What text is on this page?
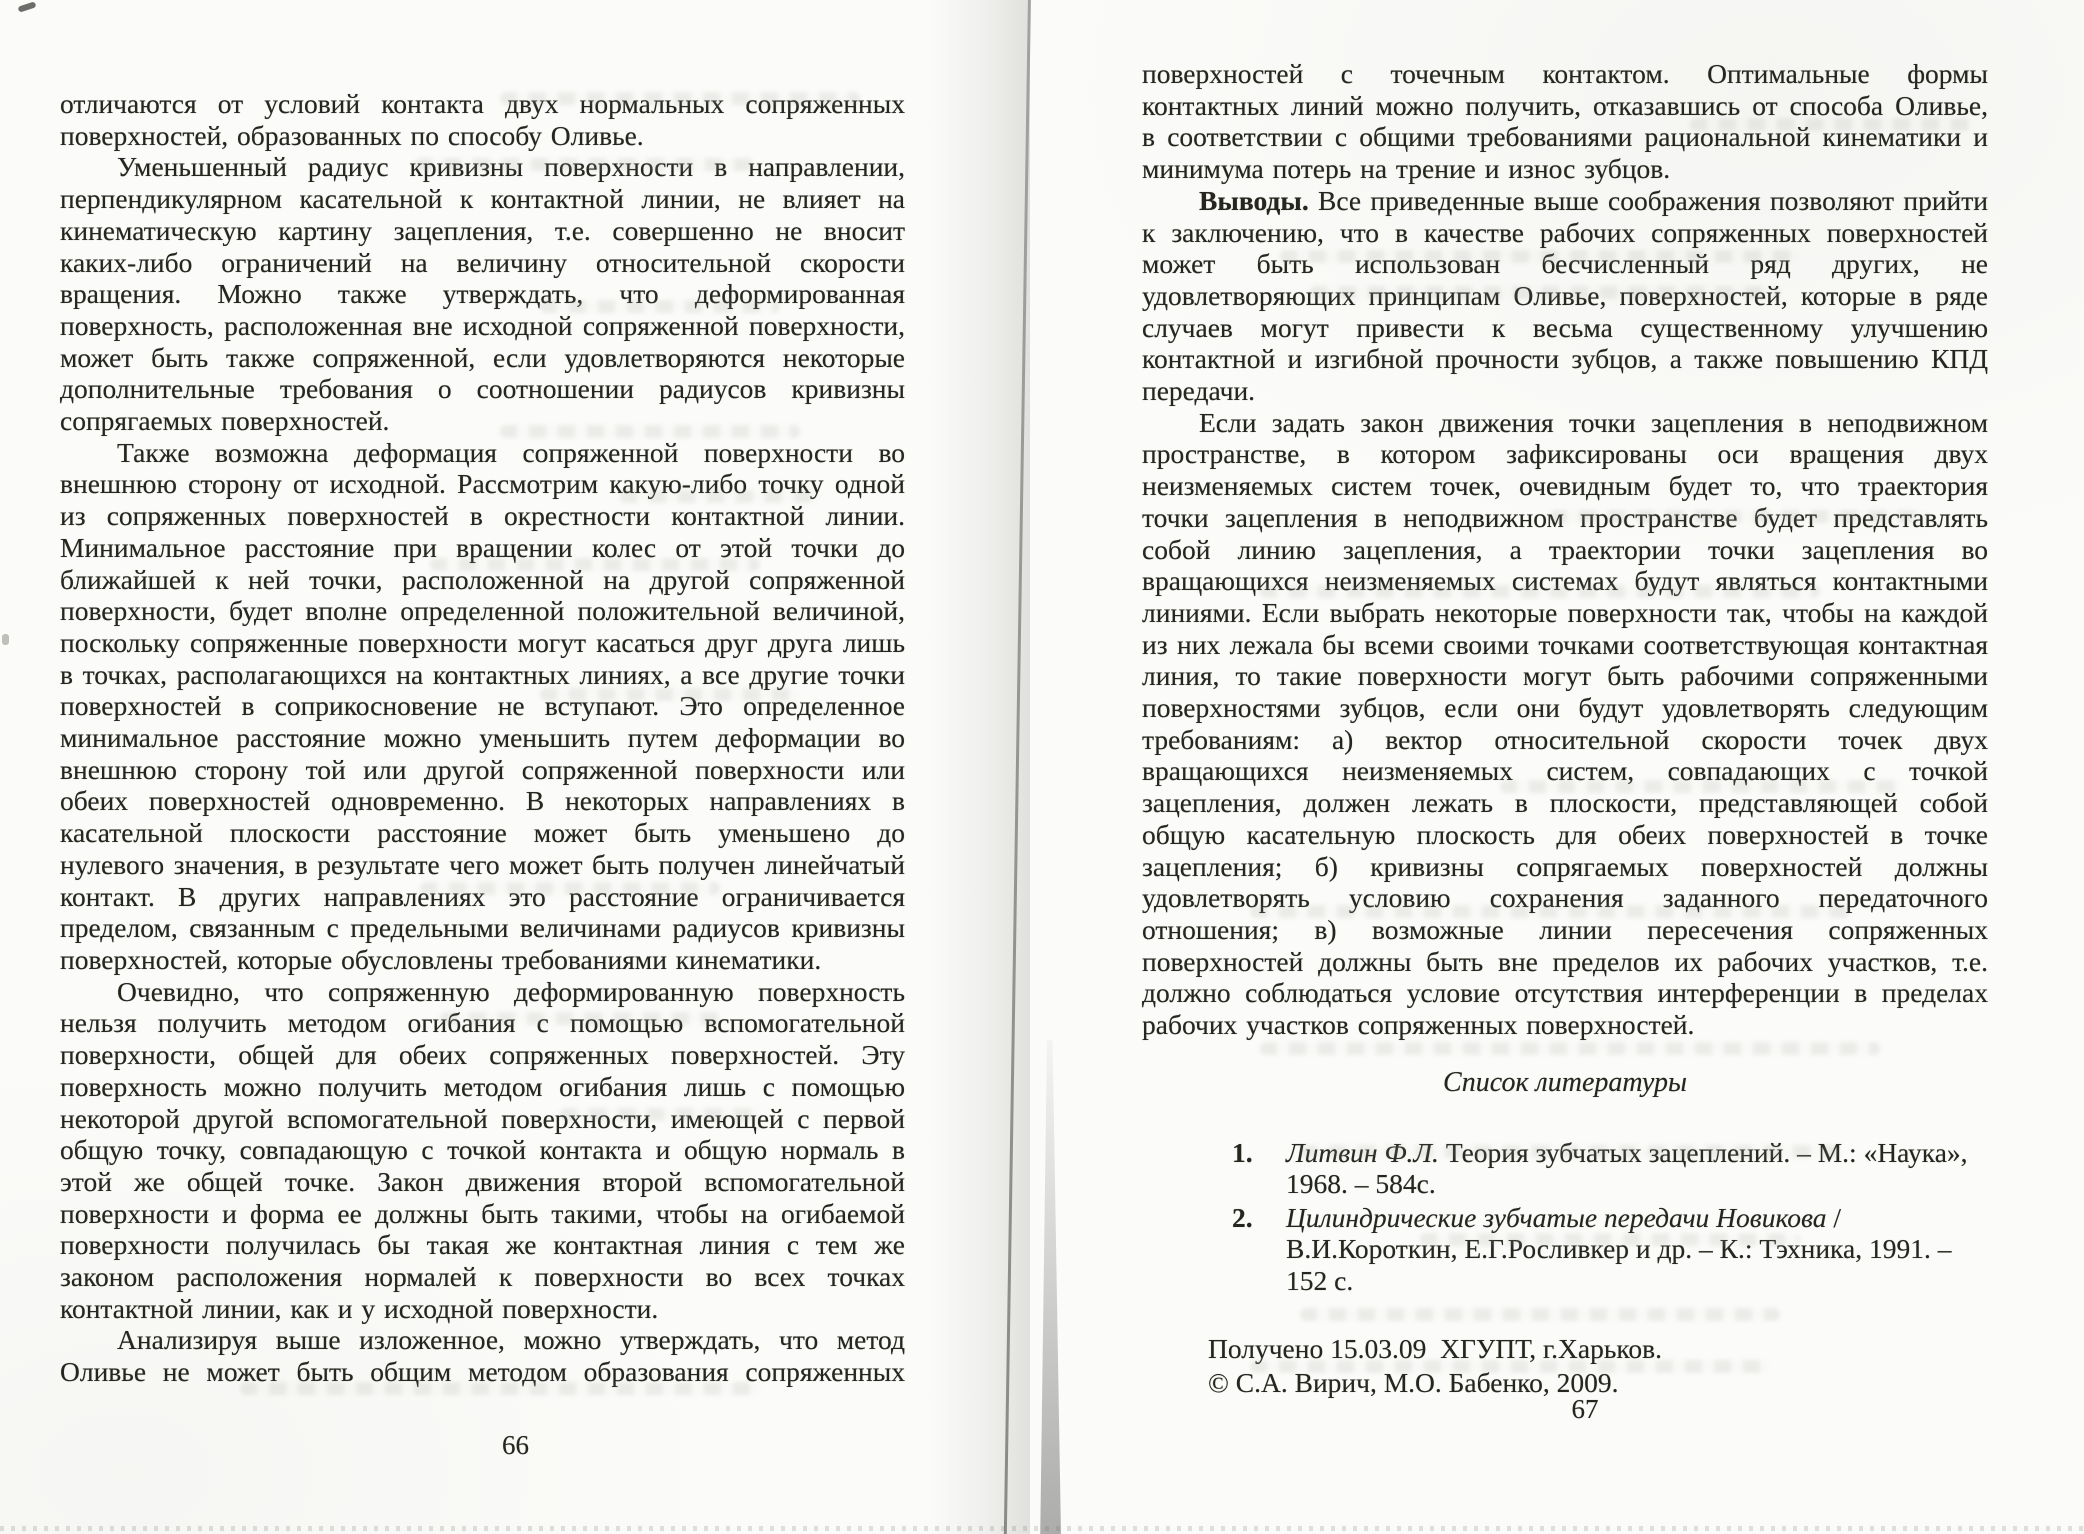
отличаются от условий контакта двух нормальных сопряженных поверхностей, образованных по способу Оливье.

Уменьшенный радиус кривизны поверхности в направлении, перпендикулярном касательной к контактной линии, не влияет на кинематическую картину зацепления, т.е. совершенно не вносит каких-либо ограничений на величину относительной скорости вращения. Можно также утверждать, что деформированная поверхность, расположенная вне исходной сопряженной поверхности, может быть также сопряженной, если удовлетворяются некоторые дополнительные требования о соотношении радиусов кривизны сопрягаемых поверхностей.

Также возможна деформация сопряженной поверхности во внешнюю сторону от исходной. Рассмотрим какую-либо точку одной из сопряженных поверхностей в окрестности контактной линии. Минимальное расстояние при вращении колес от этой точки до ближайшей к ней точки, расположенной на другой сопряженной поверхности, будет вполне определенной положительной величиной, поскольку сопряженные поверхности могут касаться друг друга лишь в точках, располагающихся на контактных линиях, а все другие точки поверхностей в соприкосновение не вступают. Это определенное минимальное расстояние можно уменьшить путем деформации во внешнюю сторону той или другой сопряженной поверхности или обеих поверхностей одновременно. В некоторых направлениях в касательной плоскости расстояние может быть уменьшено до нулевого значения, в результате чего может быть получен линейчатый контакт. В других направлениях это расстояние ограничивается пределом, связанным с предельными величинами радиусов кривизны поверхностей, которые обусловлены требованиями кинематики.

Очевидно, что сопряженную деформированную поверхность нельзя получить методом огибания с помощью вспомогательной поверхности, общей для обеих сопряженных поверхностей. Эту поверхность можно получить методом огибания лишь с помощью некоторой другой вспомогательной поверхности, имеющей с первой общую точку, совпадающую с точкой контакта и общую нормаль в этой же общей точке. Закон движения второй вспомогательной поверхности и форма ее должны быть такими, чтобы на огибаемой поверхности получилась бы такая же контактная линия с тем же законом расположения нормалей к поверхности во всех точках контактной линии, как и у исходной поверхности.

Анализируя выше изложенное, можно утверждать, что метод Оливье не может быть общим методом образования сопряженных

поверхностей с точечным контактом. Оптимальные формы контактных линий можно получить, отказавшись от способа Оливье, в соответствии с общими требованиями рациональной кинематики и минимума потерь на трение и износ зубцов.

Выводы. Все приведенные выше соображения позволяют прийти к заключению, что в качестве рабочих сопряженных поверхностей может быть использован бесчисленный ряд других, не удовлетворяющих принципам Оливье, поверхностей, которые в ряде случаев могут привести к весьма существенному улучшению контактной и изгибной прочности зубцов, а также повышению КПД передачи.

Если задать закон движения точки зацепления в неподвижном пространстве, в котором зафиксированы оси вращения двух неизменяемых систем точек, очевидным будет то, что траектория точки зацепления в неподвижном пространстве будет представлять собой линию зацепления, а траектории точки зацепления во вращающихся неизменяемых системах будут являться контактными линиями. Если выбрать некоторые поверхности так, чтобы на каждой из них лежала бы всеми своими точками соответствующая контактная линия, то такие поверхности могут быть рабочими сопряженными поверхностями зубцов, если они будут удовлетворять следующим требованиям: а) вектор относительной скорости точек двух вращающихся неизменяемых систем, совпадающих с точкой зацепления, должен лежать в плоскости, представляющей собой общую касательную плоскость для обеих поверхностей в точке зацепления; б) кривизны сопрягаемых поверхностей должны удовлетворять условию сохранения заданного передаточного отношения; в) возможные линии пересечения сопряженных поверхностей должны быть вне пределов их рабочих участков, т.е. должно соблюдаться условие отсутствия интерференции в пределах рабочих участков сопряженных поверхностей.

Список литературы
1.	Литвин Ф.Л. Теория зубчатых зацеплений. – М.: «Наука», 1968. – 584с.
2.	Цилиндрические зубчатые передачи Новикова / В.И.Короткин, Е.Г.Росливкер и др. – К.: Тэхника, 1991. – 152 с.
Получено 15.03.09  ХГУПТ, г.Харьков.
© С.А. Вирич, М.О. Бабенко, 2009.
66
67
